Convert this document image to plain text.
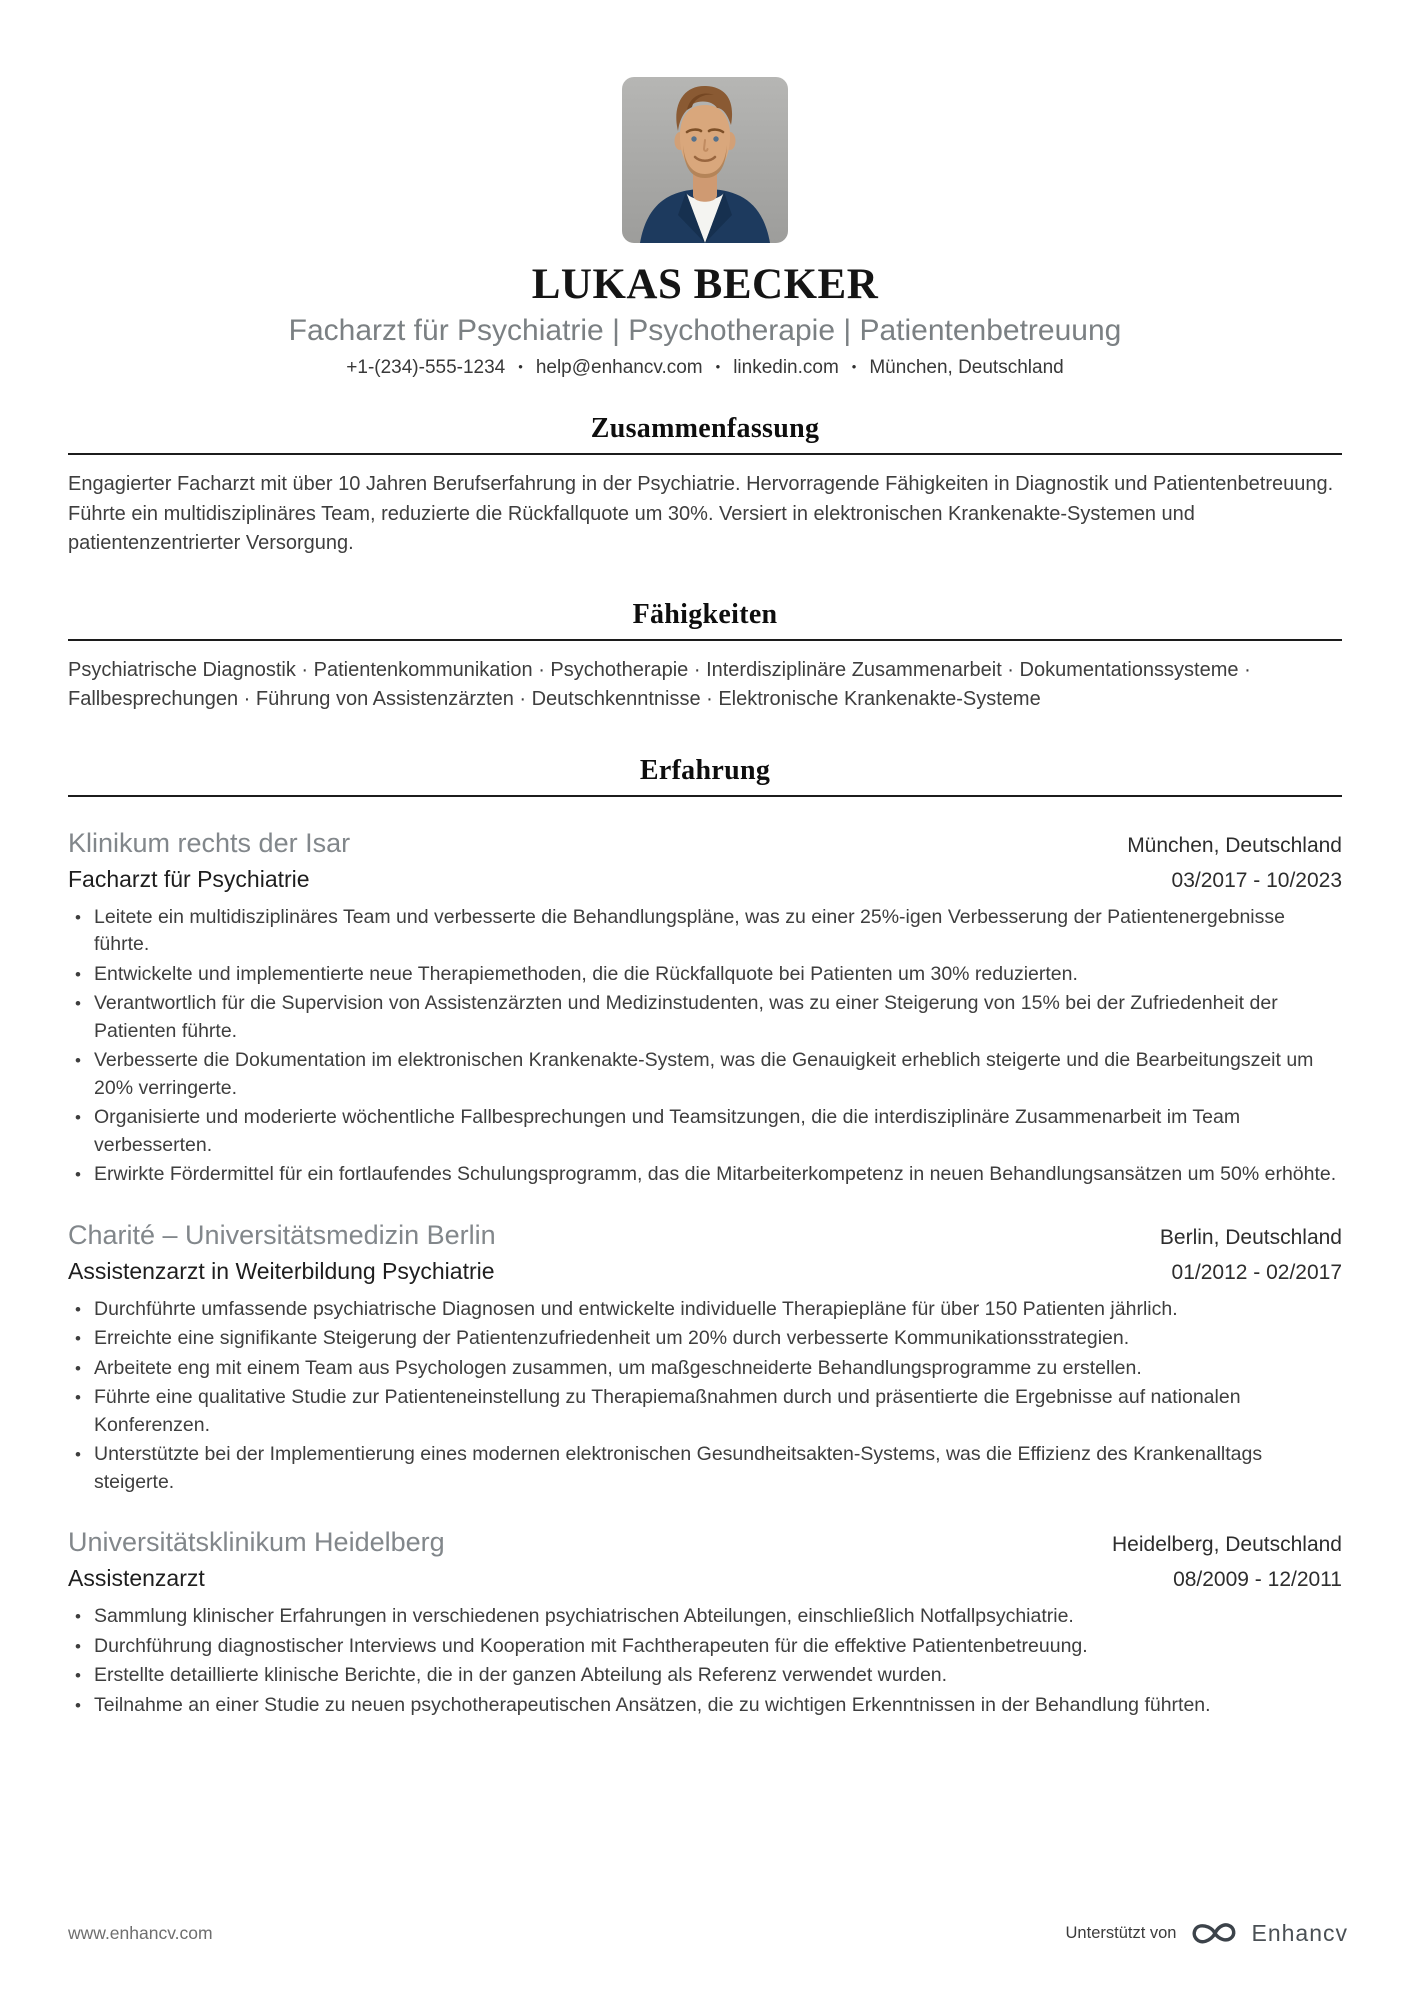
LUKAS BECKER
Facharzt für Psychiatrie | Psychotherapie | Patientenbetreuung
+1-(234)-555-1234 • help@enhancv.com • linkedin.com • München, Deutschland
Zusammenfassung

Engagierter Facharzt mit über 10 Jahren Berufserfahrung in der Psychiatrie. Hervorragende Fähigkeiten in Diagnostik und Patientenbetreuung. Führte ein multidisziplinäres Team, reduzierte die Rückfallquote um 30%. Versiert in elektronischen Krankenakte-Systemen und patientenzentrierter Versorgung.

Fähigkeiten

Psychiatrische Diagnostik · Patientenkommunikation · Psychotherapie · Interdisziplinäre Zusammenarbeit · Dokumentationssysteme · Fallbesprechungen · Führung von Assistenzärzten · Deutschkenntnisse · Elektronische Krankenakte-Systeme

Erfahrung
Klinikum rechts der Isar	München, Deutschland
Facharzt für Psychiatrie	03/2017 - 10/2023
• Leitete ein multidisziplinäres Team und verbesserte die Behandlungspläne, was zu einer 25%-igen Verbesserung der Patientenergebnisse führte.
• Entwickelte und implementierte neue Therapiemethoden, die die Rückfallquote bei Patienten um 30% reduzierten.
• Verantwortlich für die Supervision von Assistenzärzten und Medizinstudenten, was zu einer Steigerung von 15% bei der Zufriedenheit der Patienten führte.
• Verbesserte die Dokumentation im elektronischen Krankenakte-System, was die Genauigkeit erheblich steigerte und die Bearbeitungszeit um 20% verringerte.
• Organisierte und moderierte wöchentliche Fallbesprechungen und Teamsitzungen, die die interdisziplinäre Zusammenarbeit im Team verbesserten.
• Erwirkte Fördermittel für ein fortlaufendes Schulungsprogramm, das die Mitarbeiterkompetenz in neuen Behandlungsansätzen um 50% erhöhte.
Charité – Universitätsmedizin Berlin	Berlin, Deutschland
Assistenzarzt in Weiterbildung Psychiatrie	01/2012 - 02/2017
• Durchführte umfassende psychiatrische Diagnosen und entwickelte individuelle Therapiepläne für über 150 Patienten jährlich.
• Erreichte eine signifikante Steigerung der Patientenzufriedenheit um 20% durch verbesserte Kommunikationsstrategien.
• Arbeitete eng mit einem Team aus Psychologen zusammen, um maßgeschneiderte Behandlungsprogramme zu erstellen.
• Führte eine qualitative Studie zur Patienteneinstellung zu Therapiemaßnahmen durch und präsentierte die Ergebnisse auf nationalen Konferenzen.
• Unterstützte bei der Implementierung eines modernen elektronischen Gesundheitsakten-Systems, was die Effizienz des Krankenalltags steigerte.
Universitätsklinikum Heidelberg	Heidelberg, Deutschland
Assistenzarzt	08/2009 - 12/2011
• Sammlung klinischer Erfahrungen in verschiedenen psychiatrischen Abteilungen, einschließlich Notfallpsychiatrie.
• Durchführung diagnostischer Interviews und Kooperation mit Fachtherapeuten für die effektive Patientenbetreuung.
• Erstellte detaillierte klinische Berichte, die in der ganzen Abteilung als Referenz verwendet wurden.
• Teilnahme an einer Studie zu neuen psychotherapeutischen Ansätzen, die zu wichtigen Erkenntnissen in der Behandlung führten.
www.enhancv.com	Unterstützt von	Enhancv
